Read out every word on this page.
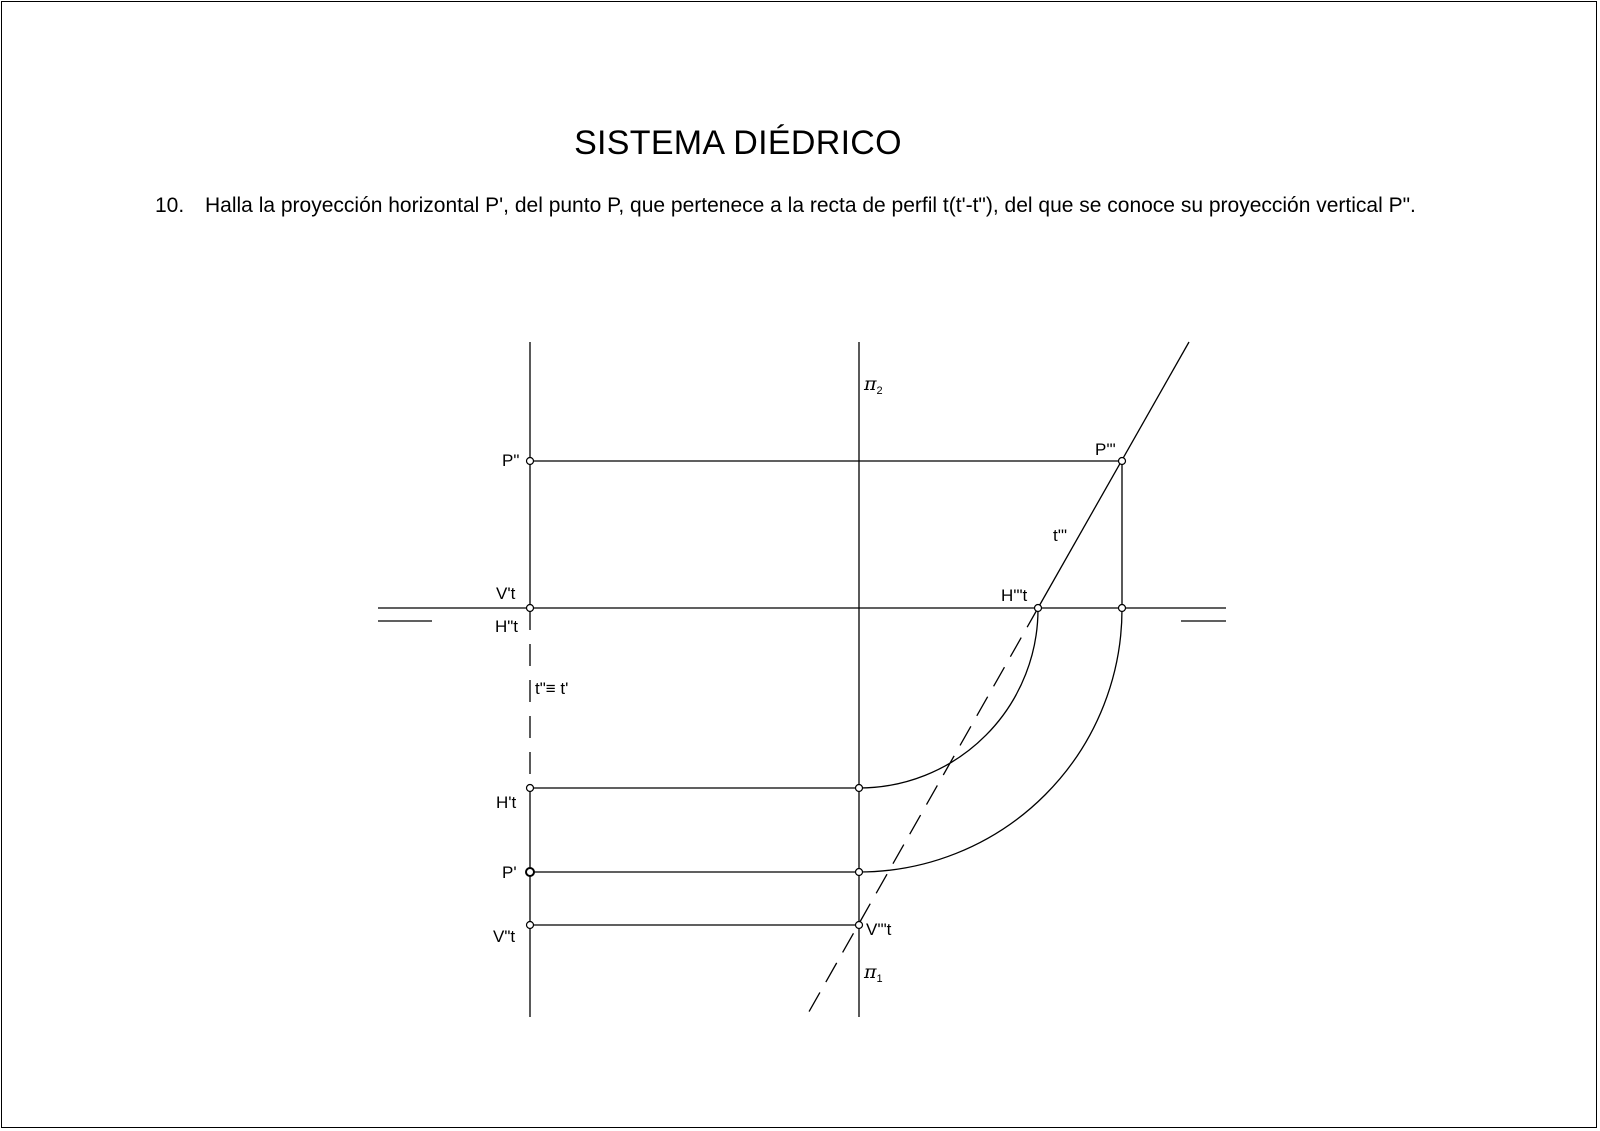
SISTEMA DIÉDRICO
10. Halla la proyección horizontal P', del punto P, que pertenece a la recta de perfil t(t'-t"), del que se conoce su proyección vertical P".
$\pi_2$
$\pi_1$
P"
P'"
t'"
V't
H"t
H'"t
t"≡ t'
H't
P'
V"t	V'"t
